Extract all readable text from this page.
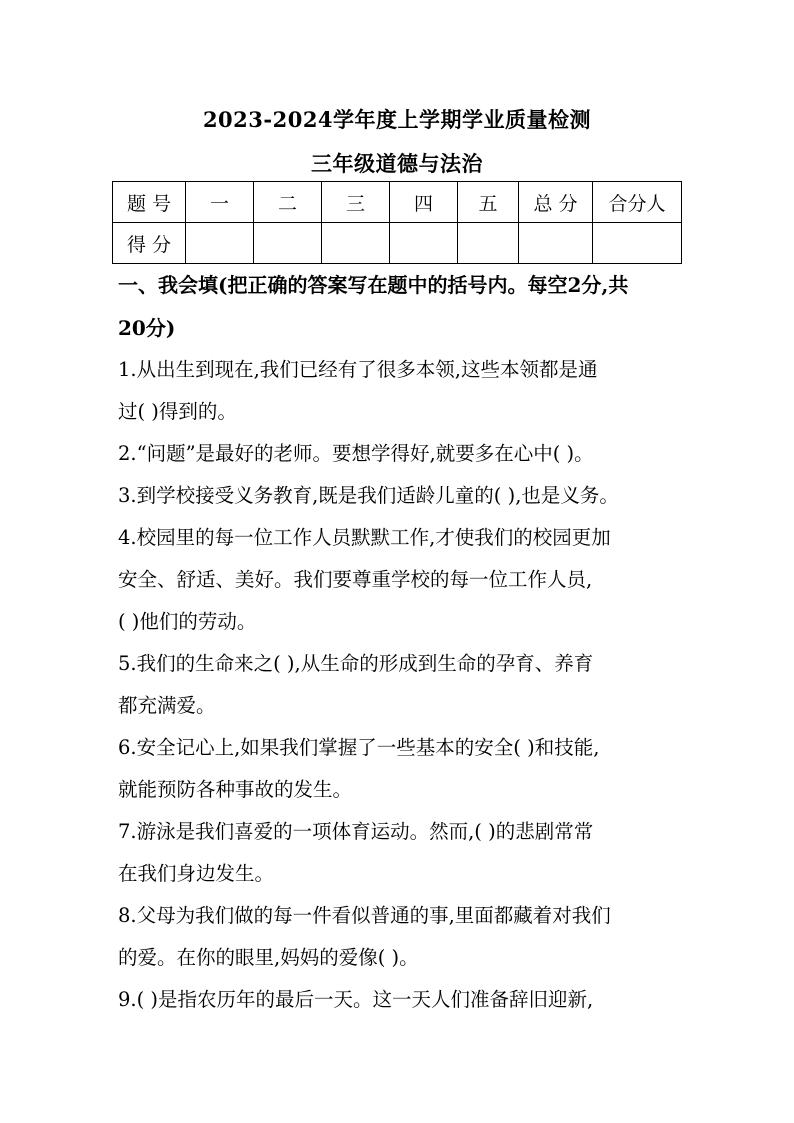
2023-2024学年度上学期学业质量检测
三年级道德与法治
题 号	一	二	三	四	五	总 分	合分人
得 分							
一、我会填(把正确的答案写在题中的括号内。每空2分,共
20分)
1.从出生到现在,我们已经有了很多本领,这些本领都是通
过( )得到的。
2.“问题”是最好的老师。要想学得好,就要多在心中( )。
3.到学校接受义务教育,既是我们适龄儿童的( ),也是义务。
4.校园里的每一位工作人员默默工作,才使我们的校园更加
安全、舒适、美好。我们要尊重学校的每一位工作人员,
( )他们的劳动。
5.我们的生命来之( ),从生命的形成到生命的孕育、养育
都充满爱。
6.安全记心上,如果我们掌握了一些基本的安全( )和技能,
就能预防各种事故的发生。
7.游泳是我们喜爱的一项体育运动。然而,( )的悲剧常常
在我们身边发生。
8.父母为我们做的每一件看似普通的事,里面都藏着对我们
的爱。在你的眼里,妈妈的爱像( )。
9.( )是指农历年的最后一天。这一天人们准备辞旧迎新,
